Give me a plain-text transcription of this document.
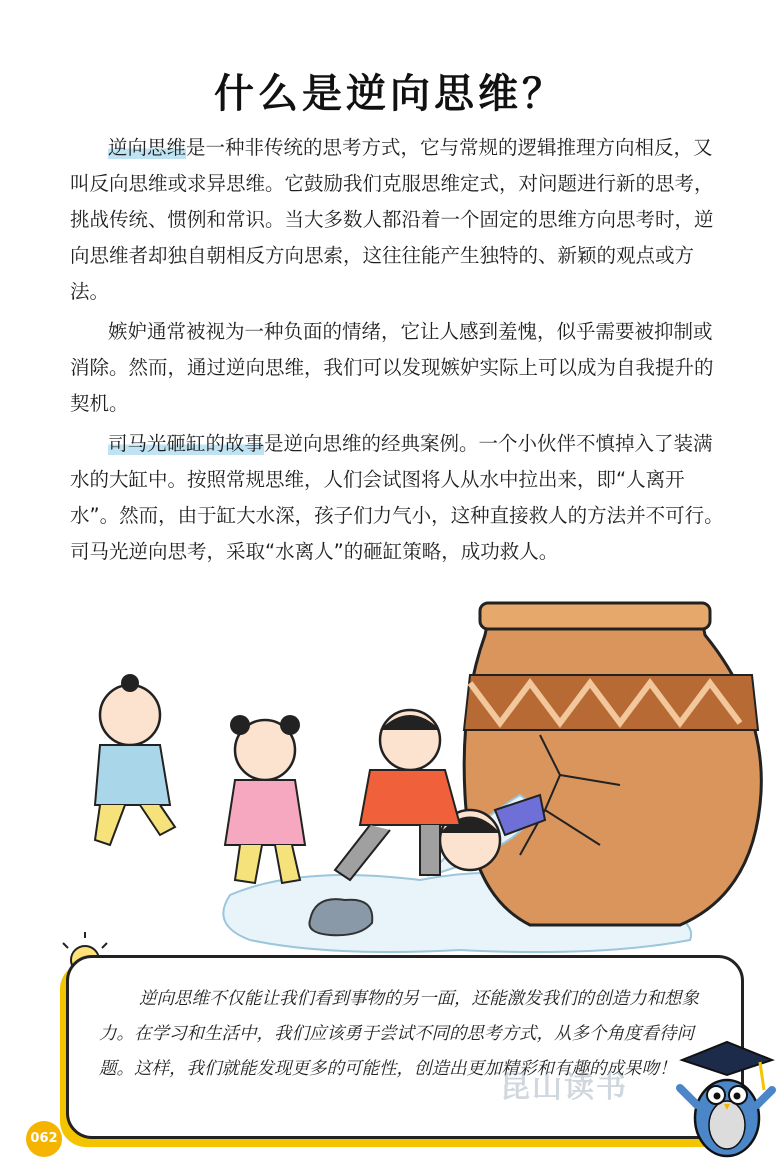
什么是逆向思维？

逆向思维是一种非传统的思考方式，它与常规的逻辑推理方向相反，又叫反向思维或求异思维。它鼓励我们克服思维定式，对问题进行新的思考，挑战传统、惯例和常识。当大多数人都沿着一个固定的思维方向思考时，逆向思维者却独自朝相反方向思索，这往往能产生独特的、新颖的观点或方法。

嫉妒通常被视为一种负面的情绪，它让人感到羞愧，似乎需要被抑制或消除。然而，通过逆向思维，我们可以发现嫉妒实际上可以成为自我提升的契机。

司马光砸缸的故事是逆向思维的经典案例。一个小伙伴不慎掉入了装满水的大缸中。按照常规思维，人们会试图将人从水中拉出来，即“人离开水”。然而，由于缸大水深，孩子们力气小，这种直接救人的方法并不可行。司马光逆向思考，采取“水离人”的砸缸策略，成功救人。

逆向思维不仅能让我们看到事物的另一面，还能激发我们的创造力和想象力。在学习和生活中，我们应该勇于尝试不同的思考方式，从多个角度看待问题。这样，我们就能发现更多的可能性，创造出更加精彩和有趣的成果吻！
昆山读书
062
